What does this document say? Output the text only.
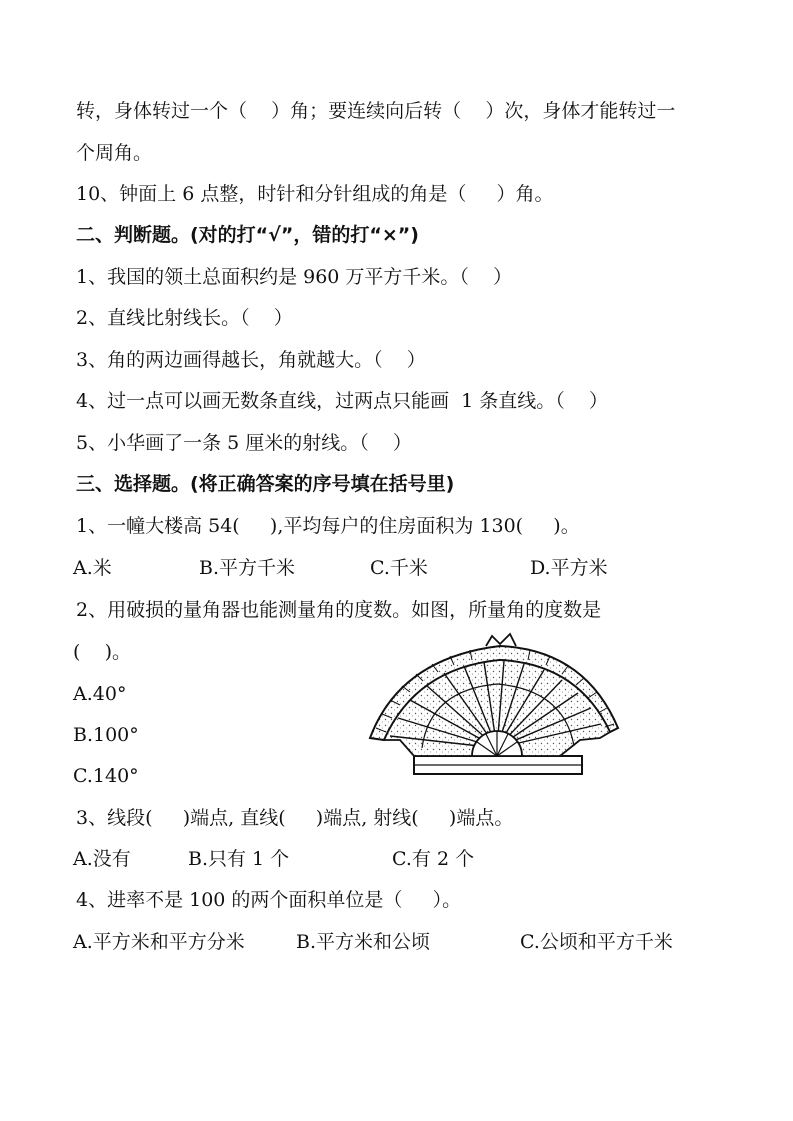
转，身体转过一个（    ）角；要连续向后转（    ）次，身体才能转过一
个周角。
10、钟面上 6 点整，时针和分针组成的角是（     ）角。
二、判断题。(对的打“√”，错的打“×”)
1、我国的领土总面积约是 960 万平方千米。（    ）
2、直线比射线长。（    ）
3、角的两边画得越长，角就越大。（    ）
4、过一点可以画无数条直线，过两点只能画  1 条直线。（    ）
5、小华画了一条 5 厘米的射线。（    ）
三、选择题。(将正确答案的序号填在括号里)
1、一幢大楼高 54(     ),平均每户的住房面积为 130(     )。
A.米	B.平方千米	C.千米	D.平方米
2、用破损的量角器也能测量角的度数。如图，所量角的度数是
(    )。
A.40°
B.100°
C.140°
3、线段(     )端点, 直线(     )端点, 射线(     )端点。
A.没有	B.只有 1 个	C.有 2 个
4、进率不是 100 的两个面积单位是（     ）。
A.平方米和平方分米	B.平方米和公顷	C.公顷和平方千米
